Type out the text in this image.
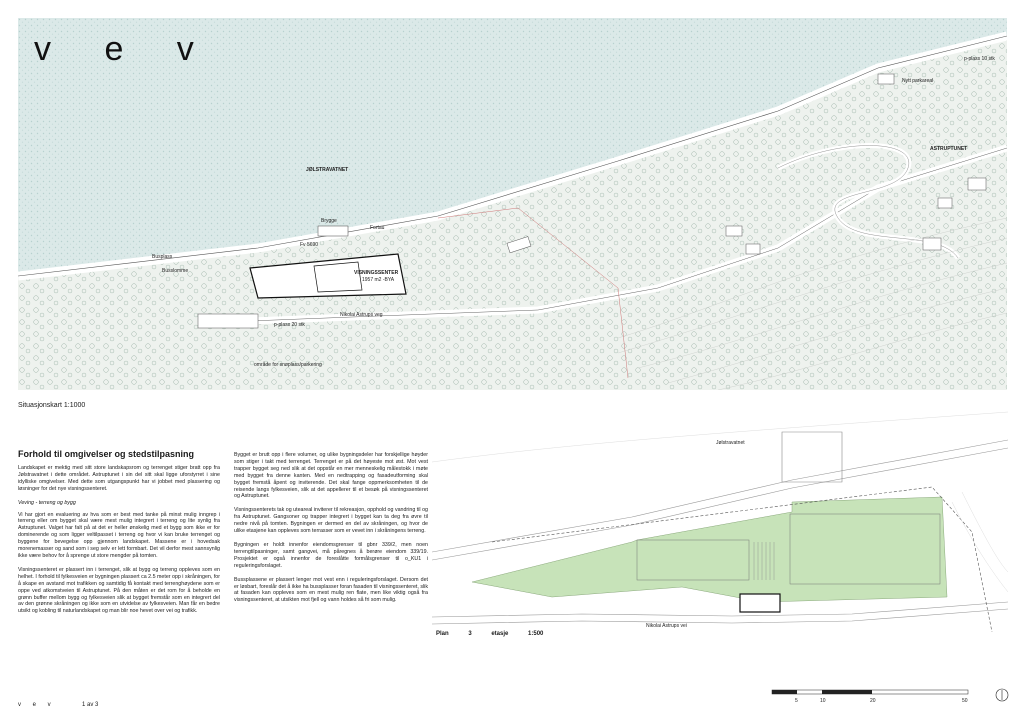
JØLSTRAVATNET
Nytt parkareal
p-plass 10 stk
ASTRUPTUNET
Brygge
Fortau
Fv 5690
Busplass
Busslomme	VISNINGSSENTER
1957 m2 -BYA
Nikolai Astrups veg
p-plass 20 stk
område for snøplass/parkering
v e v
Situasjonskart 1:1000
Forhold til omgivelser og stedstilpasning

Landskapet er mektig med sitt store landskapsrom og terrenget stiger bratt opp fra Jølstravatnet i dette området. Astruptunet i sin del sitt skal ligge uforstyrret i sine idylliske omgivelser. Med dette som utgangspunkt har vi jobbet med plassering og løsninger for det nye visningssenteret.

Veving - terreng og bygg

Vi har gjort en evaluering av hva som er best med tanke på minst mulig inngrep i terreng eller om bygget skal være mest mulig integrert i terreng og lite synlig fra Astruptunet. Valget har falt på at det er heller ønskelig med et bygg som ikke er for dominerende og som ligger veltilpasset i terreng og hvor vi kan bruke terrenget og byggene for bevegelse opp gjennom landskapet. Massene er i hovedsak morenemasser og sand som i seg selv er lett formbart. Det vil derfor mest sannsynlig ikke være behov for å sprenge ut store mengder på tomten.

Visningssenteret er plassert inn i terrenget, slik at bygg og terreng oppleves som en helhet. I forhold til fylkesveien er bygningen plassert ca 2.5 meter opp i skråningen, for å skape en avstand mot trafikken og samtidig få kontakt med terrenghøydene som er oppe ved atkomstveien til Astruptunet. På den måten er det rom for å beholde en grønn buffer mellom bygg og fylkesveien slik at bygget fremstår som en integrert del av den grønne skråningen og ikke som en utvidelse av fylkesveien. Man får en bedre utsikt og kobling til naturlandskapet og man blir noe hevet over vei og trafikk.

Bygget er brutt opp i flere volumer, og ulike bygningsdeler har forskjellige høyder som stiger i takt med terrenget. Terrenget er på det høyeste mot øst. Mot vest trapper bygget seg ned slik at det oppstår en mer menneskelig målestokk i møte med bygget fra denne kanten. Med en nedtrapping og fasadeutforming skal bygget fremstå åpent og inviterende. Det skal fange oppmerksomheten til de reisende langs fylkesveien, slik at det appellerer til et besøk på visningssenteret og Astruptunet.

Visningssenterets tak og uteareal inviterer til rekreasjon, opphold og vandring til og fra Astruptunet. Gangsoner og trapper integrert i bygget kan ta deg fra øvre til nedre nivå på tomten. Bygningen er dermed en del av skråningen, og hvor de ulike etasjene kan oppleves som terrasser som er vevet inn i skråningens terreng.

Bygningen er holdt innenfor eiendomsgrenser til gbnr 339/2, men noen terrengtilpasninger, samt gangvei, må påregnes å berøre eiendom 339/19. Prosjektet er også innenfor de foreslåtte formålsgrenser til o_KU1 i reguleringsforslaget.

Bussplassene er plassert lenger mot vest enn i reguleringsforslaget. Dersom det er løsbart, foreslår det å ikke ha bussplasser foran fasaden til visningssenteret, slik at fasaden kan oppleves som en mest mulig ren flate, men like viktig også fra visningssenteret, at utsikten mot fjell og vann holdes så fri som mulig.

Jølstravatnet
Nikolai Astrups vei
Plan 3 etasje	1:500
5	10	20	50
v e v	1 av 3
